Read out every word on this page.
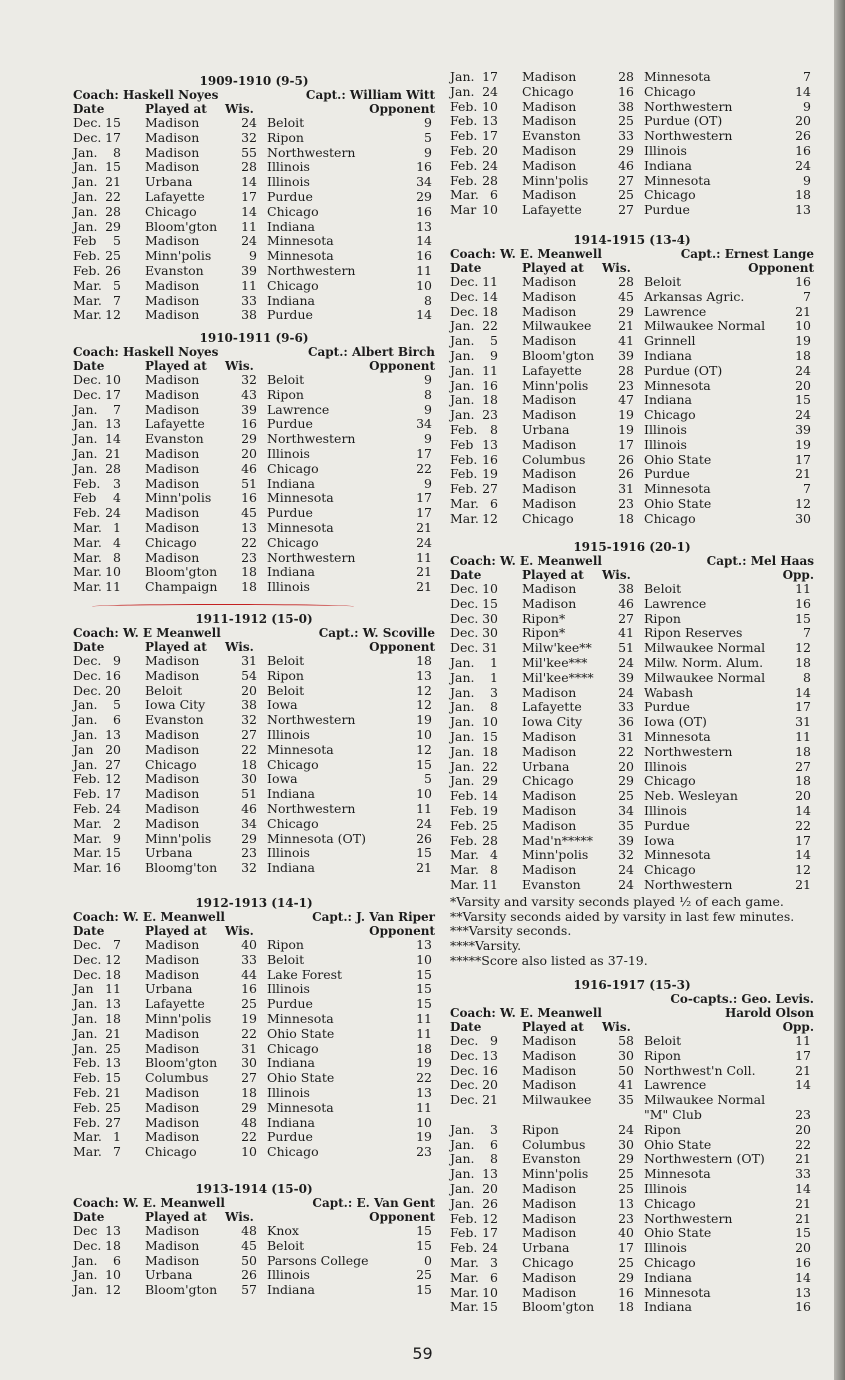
1909-1910 (9-5)
Coach: Haskell Noyes	Capt.: William Witt
Date	Played at Wis.	Opponent
Dec. 15 Madison	24 Beloit	9
Dec. 17 Madison	32 Ripon	5
Jan.	8 Madison	55 Northwestern	9
Jan. 15 Madison	28 Illinois	16
Jan. 21 Urbana	14 Illinois	34
Jan. 22 Lafayette	17 Purdue	29
Jan. 28 Chicago	14 Chicago	16
Jan. 29 Bloom'gton	11 Indiana	13
Feb	5 Madison	24 Minnesota	14
Feb. 25 Minn'polis	9 Minnesota	16
Feb. 26 Evanston	39 Northwestern	11
Mar. 5 Madison	11 Chicago	10
Mar. 7 Madison	33 Indiana	8
Mar. 12 Madison	38 Purdue	14
1910-1911 (9-6)
Coach: Haskell Noyes	Capt.: Albert Birch
Date	Played at Wis.	Opponent
Dec. 10 Madison	32 Beloit	9
Dec. 17 Madison	43 Ripon	8
Jan.	7 Madison	39 Lawrence	9
Jan. 13 Lafayette	16 Purdue	34
Jan. 14 Evanston	29 Northwestern	9
Jan. 21 Madison	20 Illinois	17
Jan. 28 Madison	46 Chicago	22
Feb.	3 Madison	51 Indiana	9
Feb	4 Minn'polis	16 Minnesota	17
Feb. 24 Madison	45 Purdue	17
Mar. 1 Madison	13 Minnesota	21
Mar. 4 Chicago	22 Chicago	24
Mar. 8 Madison	23 Northwestern	11
Mar. 10 Bloom'gton	18 Indiana	21
Mar. 11 Champaign	18 Illinois	21
1911-1912 (15-0)
Coach: W. E Meanwell	Capt.: W. Scoville
Date	Played at Wis.	Opponent
Dec. 9 Madison	31 Beloit	18
Dec. 16 Madison	54 Ripon	13
Dec. 20 Beloit	20 Beloit	12
Jan.	5 Iowa City	38 Iowa	12
Jan.	6 Evanston	32 Northwestern	19
Jan. 13 Madison	27 Illinois	10
Jan 20 Madison	22 Minnesota	12
Jan. 27 Chicago	18 Chicago	15
Feb. 12 Madison	30 Iowa	5
Feb. 17 Madison	51 Indiana	10
Feb. 24 Madison	46 Northwestern	11
Mar. 2 Madison	34 Chicago	24
Mar. 9 Minn'polis	29 Minnesota (OT)	26
Mar. 15 Urbana	23 Illinois	15
Mar. 16 Bloomg'ton	32 Indiana	21
1912-1913 (14-1)
Coach: W. E. Meanwell	Capt.: J. Van Riper
Date	Played at Wis.	Opponent
Dec. 7 Madison	40 Ripon	13
Dec. 12 Madison	33 Beloit	10
Dec. 18 Madison	44 Lake Forest	15
Jan 11 Urbana	16 Illinois	15
Jan. 13 Lafayette	25 Purdue	15
Jan. 18 Minn'polis	19 Minnesota	11
Jan. 21 Madison	22 Ohio State	11
Jan. 25 Madison	31 Chicago	18
Feb. 13 Bloom'gton	30 Indiana	19
Feb. 15 Columbus	27 Ohio State	22
Feb. 21 Madison	18 Illinois	13
Feb. 25 Madison	29 Minnesota	11
Feb. 27 Madison	48 Indiana	10
Mar. 1 Madison	22 Purdue	19
Mar. 7 Chicago	10 Chicago	23
1913-1914 (15-0)
Coach: W. E. Meanwell	Capt.: E. Van Gent
Date	Played at Wis.	Opponent
Dec 13 Madison	48 Knox	15
Dec. 18 Madison	45 Beloit	15
Jan.	6 Madison	50 Parsons College	0
Jan. 10 Urbana	26 Illinois	25
Jan. 12 Bloom'gton	57 Indiana	15
Jan. 17 Madison	28 Minnesota	7
Jan. 24 Chicago	16 Chicago	14
Feb. 10 Madison	38 Northwestern	9
Feb. 13 Madison	25 Purdue (OT)	20
Feb. 17 Evanston	33 Northwestern	26
Feb. 20 Madison	29 Illinois	16
Feb. 24 Madison	46 Indiana	24
Feb. 28 Minn'polis	27 Minnesota	9
Mar. 6 Madison	25 Chicago	18
Mar 10 Lafayette	27 Purdue	13
1914-1915 (13-4)
Coach: W. E. Meanwell	Capt.: Ernest Lange
Date	Played at Wis.	Opponent
Dec. 11 Madison	28 Beloit	16
Dec. 14 Madison	45 Arkansas Agric.	7
Dec. 18 Madison	29 Lawrence	21
Jan. 22 Milwaukee	21 Milwaukee Normal 10
Jan.	5 Madison	41 Grinnell	19
Jan.	9 Bloom'gton	39 Indiana	18
Jan. 11 Lafayette	28 Purdue (OT)	24
Jan. 16 Minn'polis	23 Minnesota	20
Jan. 18 Madison	47 Indiana	15
Jan. 23 Madison	19 Chicago	24
Feb.	8 Urbana	19 Illinois	39
Feb 13 Madison	17 Illinois	19
Feb. 16 Columbus	26 Ohio State	17
Feb. 19 Madison	26 Purdue	21
Feb. 27 Madison	31 Minnesota	7
Mar. 6 Madison	23 Ohio State	12
Mar. 12 Chicago	18 Chicago	30
1915-1916 (20-1)
Coach: W. E. Meanwell	Capt.: Mel Haas
Date	Played at Wis.	Opp.
Dec. 10 Madison	38 Beloit	11
Dec. 15 Madison	46 Lawrence	16
Dec. 30 Ripon*	27 Ripon	15
Dec. 30 Ripon*	41 Ripon Reserves	7
Dec. 31 Milw'kee**	51 Milwaukee Normal 12
Jan.	1 Mil'kee***	24 Milw. Norm. Alum.	18
Jan.	1 Mil'kee****	39 Milwaukee Normal	8
Jan.	3 Madison	24 Wabash	14
Jan.	8 Lafayette	33 Purdue	17
Jan. 10 Iowa City	36 Iowa (OT)	31
Jan. 15 Madison	31 Minnesota	11
Jan. 18 Madison	22 Northwestern	18
Jan. 22 Urbana	20 Illinois	27
Jan. 29 Chicago	29 Chicago	18
Feb. 14 Madison	25 Neb. Wesleyan	20
Feb. 19 Madison	34 Illinois	14
Feb. 25 Madison	35 Purdue	22
Feb. 28 Mad'n*****	39 Iowa	17
Mar. 4 Minn'polis	32 Minnesota	14
Mar. 8 Madison	24 Chicago	12
Mar. 11 Evanston	24 Northwestern	21
*Varsity and varsity seconds played ½ of each game.
**Varsity seconds aided by varsity in last few minutes.
***Varsity seconds.
****Varsity.
*****Score also listed as 37-19.
1916-1917 (15-3)
Co-capts.: Geo. Levis.
Coach: W. E. Meanwell	Harold Olson
Date	Played at Wis.	Opp.
Dec. 9 Madison	58 Beloit	11
Dec. 13 Madison	30 Ripon	17
Dec. 16 Madison	50 Northwest'n Coll.	21
Dec. 20 Madison	41 Lawrence	14
Dec. 21 Milwaukee	35 Milwaukee Normal
"M" Club	23
Jan.	3 Ripon	24 Ripon	20
Jan.	6 Columbus	30 Ohio State	22
Jan.	8 Evanston	29 Northwestern (OT) 21
Jan. 13 Minn'polis	25 Minnesota	33
Jan. 20 Madison	25 Illinois	14
Jan. 26 Madison	13 Chicago	21
Feb. 12 Madison	23 Northwestern	21
Feb. 17 Madison	40 Ohio State	15
Feb. 24 Urbana	17 Illinois	20
Mar. 3 Chicago	25 Chicago	16
Mar. 6 Madison	29 Indiana	14
Mar. 10 Madison	16 Minnesota	13
Mar. 15 Bloom'gton	18 Indiana	16
59
